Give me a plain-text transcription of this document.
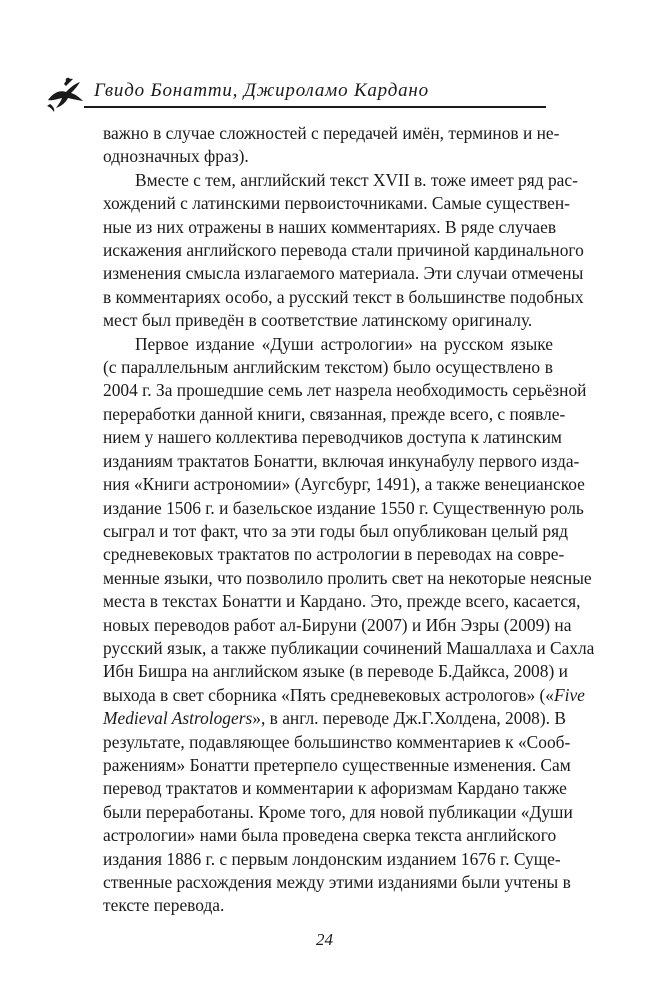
Гвидо Бонатти, Джироламо Кардано
важно в случае сложностей с передачей имён, терминов и не-
однозначных фраз).
Вместе с тем, английский текст XVII в. тоже имеет ряд рас-
хождений с латинскими первоисточниками. Самые существен-
ные из них отражены в наших комментариях. В ряде случаев
искажения английского перевода стали причиной кардинального
изменения смысла излагаемого материала. Эти случаи отмечены
в комментариях особо, а русский текст в большинстве подобных
мест был приведён в соответствие латинскому оригиналу.
Первое издание «Души астрологии» на русском языке
(с параллельным английским текстом) было осуществлено в
2004 г. За прошедшие семь лет назрела необходимость серьёзной
переработки данной книги, связанная, прежде всего, с появле-
нием у нашего коллектива переводчиков доступа к латинским
изданиям трактатов Бонатти, включая инкунабулу первого изда-
ния «Книги астрономии» (Аугсбург, 1491), а также венецианское
издание 1506 г. и базельское издание 1550 г. Существенную роль
сыграл и тот факт, что за эти годы был опубликован целый ряд
средневековых трактатов по астрологии в переводах на совре-
менные языки, что позволило пролить свет на некоторые неясные
места в текстах Бонатти и Кардано. Это, прежде всего, касается,
новых переводов работ ал-Бируни (2007) и Ибн Эзры (2009) на
русский язык, а также публикации сочинений Машаллаха и Сахла
Ибн Бишра на английском языке (в переводе Б.Дайкса, 2008) и
выхода в свет сборника «Пять средневековых астрологов» («Five
Medieval Astrologers», в англ. переводе Дж.Г.Холдена, 2008). В
результате, подавляющее большинство комментариев к «Сооб-
ражениям» Бонатти претерпело существенные изменения. Сам
перевод трактатов и комментарии к афоризмам Кардано также
были переработаны. Кроме того, для новой публикации «Души
астрологии» нами была проведена сверка текста английского
издания 1886 г. с первым лондонским изданием 1676 г. Суще-
ственные расхождения между этими изданиями были учтены в
тексте перевода.
24
